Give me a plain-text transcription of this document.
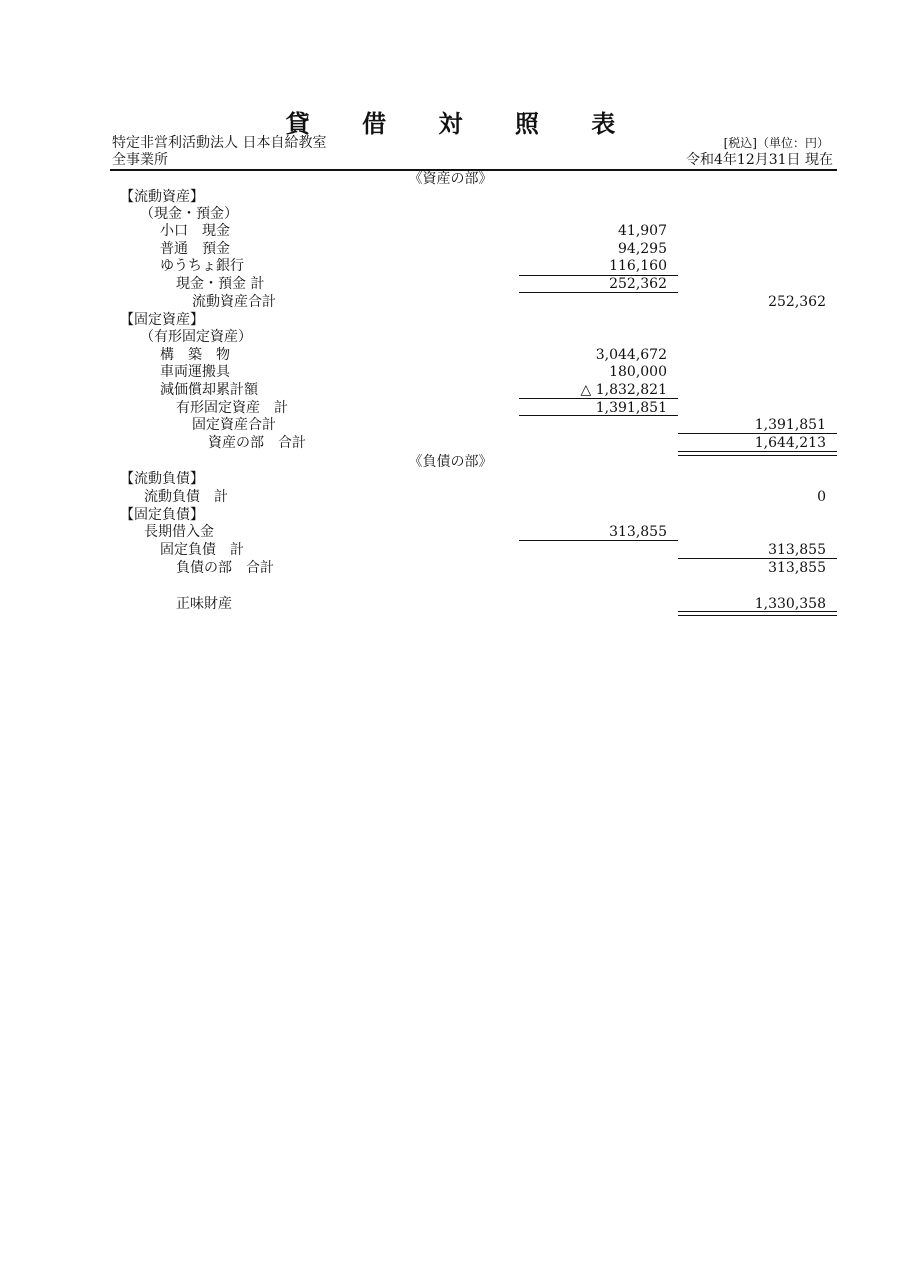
貸 借 対 照 表
特定非営利活動法人 日本自給教室
全事業所
[税込]（単位：円）
令和4年12月31日 現在
《資産の部》
【流動資産】
（現金・預金）
小口　現金	41,907
普通　預金	94,295
ゆうちょ銀行	116,160
現金・預金 計	252,362
流動資産合計	252,362
【固定資産】
（有形固定資産）
構　築　物	3,044,672
車両運搬具	180,000
減価償却累計額	△ 1,832,821
有形固定資産　計	1,391,851
固定資産合計	1,391,851
資産の部　合計	1,644,213
《負債の部》
【流動負債】
流動負債　計	0
【固定負債】
長期借入金	313,855
固定負債　計	313,855
負債の部　合計	313,855
正味財産	1,330,358
